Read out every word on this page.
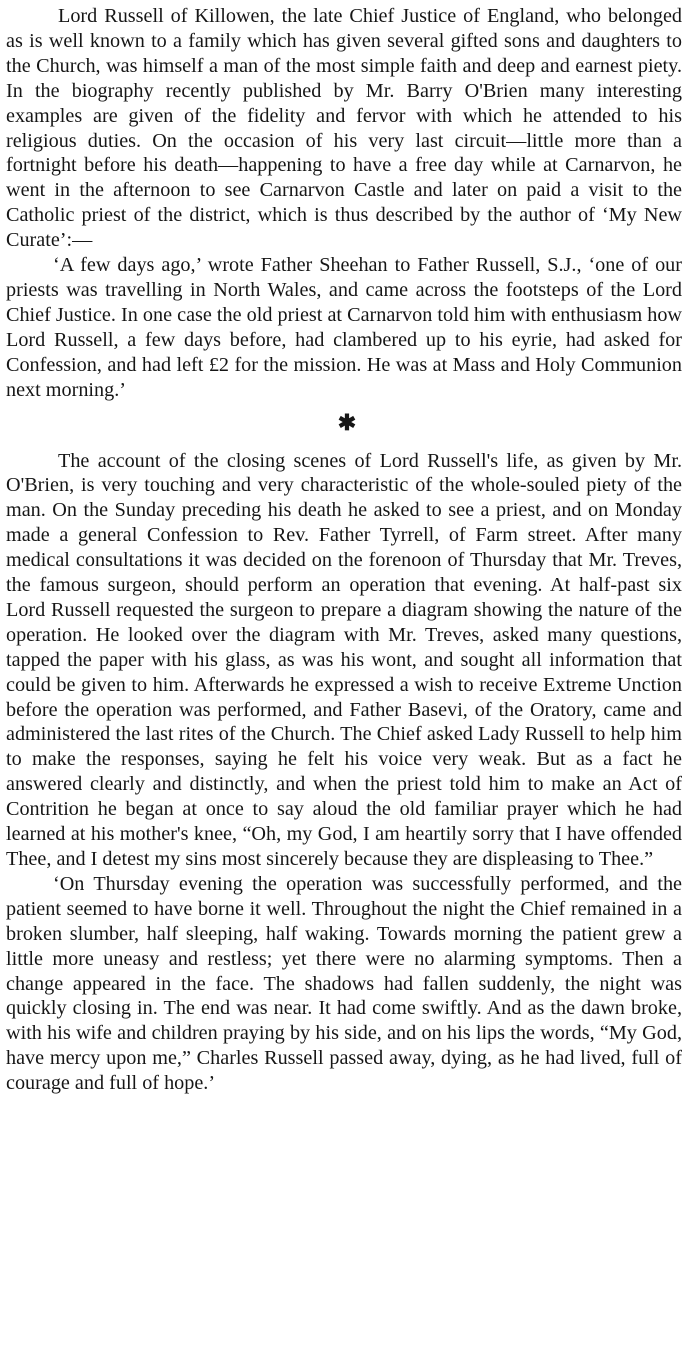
Lord Russell of Killowen, the late Chief Justice of England, who belonged as is well known to a family which has given several gifted sons and daughters to the Church, was himself a man of the most simple faith and deep and earnest piety. In the biography recently published by Mr. Barry O'Brien many interesting examples are given of the fidelity and fervor with which he attended to his religious duties. On the occasion of his very last circuit—little more than a fortnight before his death—happening to have a free day while at Carnarvon, he went in the afternoon to see Carnarvon Castle and later on paid a visit to the Catholic priest of the district, which is thus described by the author of ‘My New Curate’:—

‘A few days ago,’ wrote Father Sheehan to Father Russell, S.J., ‘one of our priests was travelling in North Wales, and came across the footsteps of the Lord Chief Justice. In one case the old priest at Carnarvon told him with enthusiasm how Lord Russell, a few days before, had clambered up to his eyrie, had asked for Confession, and had left £2 for the mission. He was at Mass and Holy Communion next morning.’

✱

The account of the closing scenes of Lord Russell's life, as given by Mr. O'Brien, is very touching and very characteristic of the whole-souled piety of the man. On the Sunday preceding his death he asked to see a priest, and on Monday made a general Confession to Rev. Father Tyrrell, of Farm street. After many medical consultations it was decided on the forenoon of Thursday that Mr. Treves, the famous surgeon, should perform an operation that evening. At half-past six Lord Russell requested the surgeon to prepare a diagram showing the nature of the operation. He looked over the diagram with Mr. Treves, asked many questions, tapped the paper with his glass, as was his wont, and sought all information that could be given to him. Afterwards he expressed a wish to receive Extreme Unction before the operation was performed, and Father Basevi, of the Oratory, came and administered the last rites of the Church. The Chief asked Lady Russell to help him to make the responses, saying he felt his voice very weak. But as a fact he answered clearly and distinctly, and when the priest told him to make an Act of Contrition he began at once to say aloud the old familiar prayer which he had learned at his mother's knee, “Oh, my God, I am heartily sorry that I have offended Thee, and I detest my sins most sincerely because they are displeasing to Thee.”

‘On Thursday evening the operation was successfully performed, and the patient seemed to have borne it well. Throughout the night the Chief remained in a broken slumber, half sleeping, half waking. Towards morning the patient grew a little more uneasy and restless; yet there were no alarming symptoms. Then a change appeared in the face. The shadows had fallen suddenly, the night was quickly closing in. The end was near. It had come swiftly. And as the dawn broke, with his wife and children praying by his side, and on his lips the words, “My God, have mercy upon me,” Charles Russell passed away, dying, as he had lived, full of courage and full of hope.’
